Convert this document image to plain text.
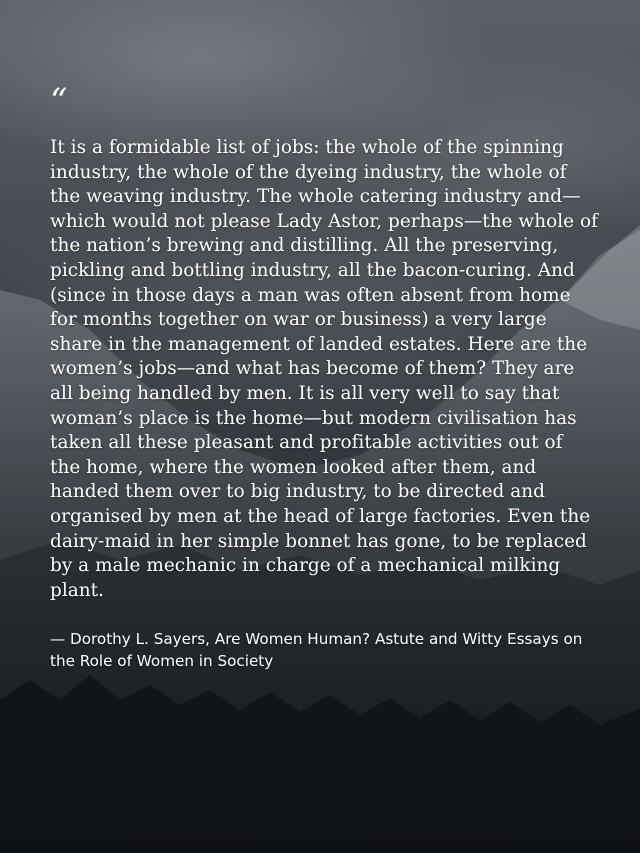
“
It is a formidable list of jobs: the whole of the spinning industry, the whole of the dyeing industry, the whole of the weaving industry. The whole catering industry and—which would not please Lady Astor, perhaps—the whole of the nation’s brewing and distilling. All the preserving, pickling and bottling industry, all the bacon-curing. And (since in those days a man was often absent from home for months together on war or business) a very large share in the management of landed estates. Here are the women’s jobs—and what has become of them? They are all being handled by men. It is all very well to say that woman’s place is the home—but modern civilisation has taken all these pleasant and profitable activities out of the home, where the women looked after them, and handed them over to big industry, to be directed and organised by men at the head of large factories. Even the dairy-maid in her simple bonnet has gone, to be replaced by a male mechanic in charge of a mechanical milking plant.
— Dorothy L. Sayers, Are Women Human? Astute and Witty Essays on the Role of Women in Society
